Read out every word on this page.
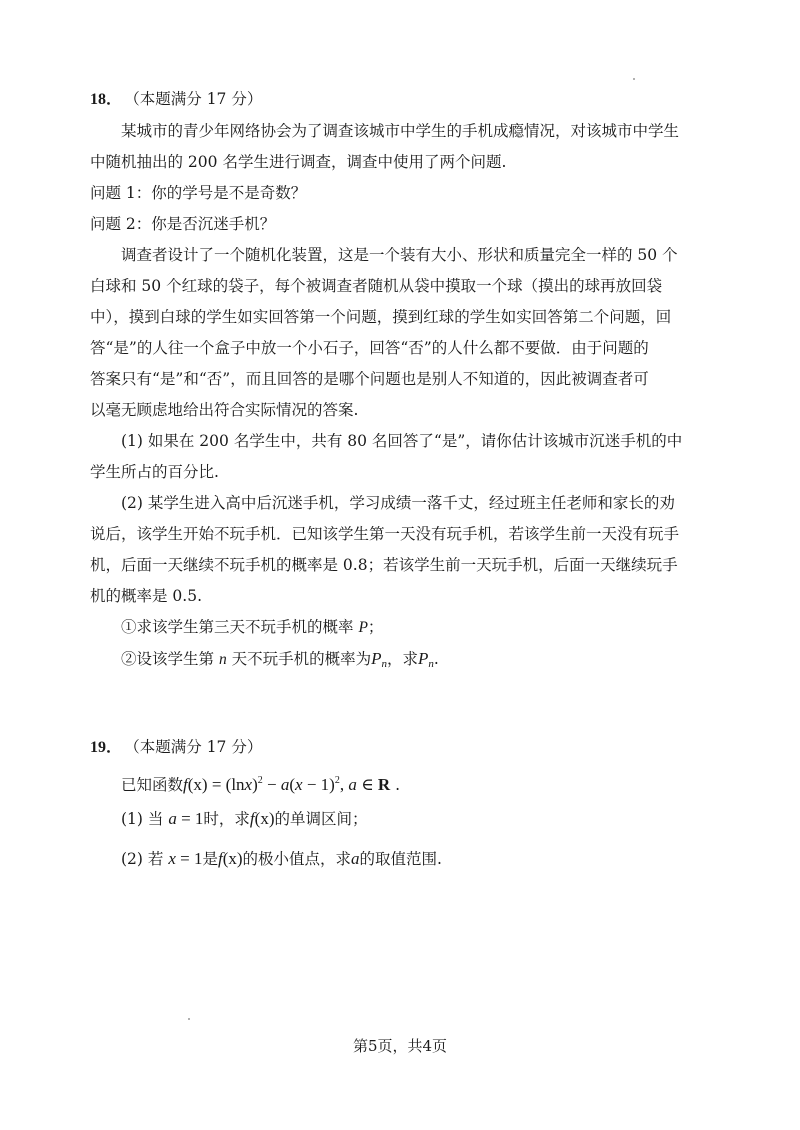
18． （本题满分 17 分）
某城市的青少年网络协会为了调查该城市中学生的手机成瘾情况，对该城市中学生
中随机抽出的 200 名学生进行调查，调查中使用了两个问题.
问题 1：你的学号是不是奇数？
问题 2：你是否沉迷手机？
调查者设计了一个随机化装置，这是一个装有大小、形状和质量完全一样的 50 个
白球和 50 个红球的袋子，每个被调查者随机从袋中摸取一个球（摸出的球再放回袋
中），摸到白球的学生如实回答第一个问题，摸到红球的学生如实回答第二个问题，回
答“是”的人往一个盒子中放一个小石子，回答“否”的人什么都不要做．由于问题的
答案只有“是”和“否”，而且回答的是哪个问题也是别人不知道的，因此被调查者可
以毫无顾虑地给出符合实际情况的答案.
(1) 如果在 200 名学生中，共有 80 名回答了“是”，请你估计该城市沉迷手机的中
学生所占的百分比.
(2) 某学生进入高中后沉迷手机，学习成绩一落千丈，经过班主任老师和家长的劝
说后，该学生开始不玩手机．已知该学生第一天没有玩手机，若该学生前一天没有玩手
机，后面一天继续不玩手机的概率是 0.8；若该学生前一天玩手机，后面一天继续玩手
机的概率是 0.5.
①求该学生第三天不玩手机的概率 P；
②设该学生第 n 天不玩手机的概率为$P_n$，求$P_n$.
19． （本题满分 17 分）
已知函数$f(x) = (\ln x)^2 - a(x - 1)^2$, a ∈ R .
(1) 当 a = 1时，求f(x)的单调区间；
(2) 若 x = 1是f(x)的极小值点，求a的取值范围.
第5页，共4页
